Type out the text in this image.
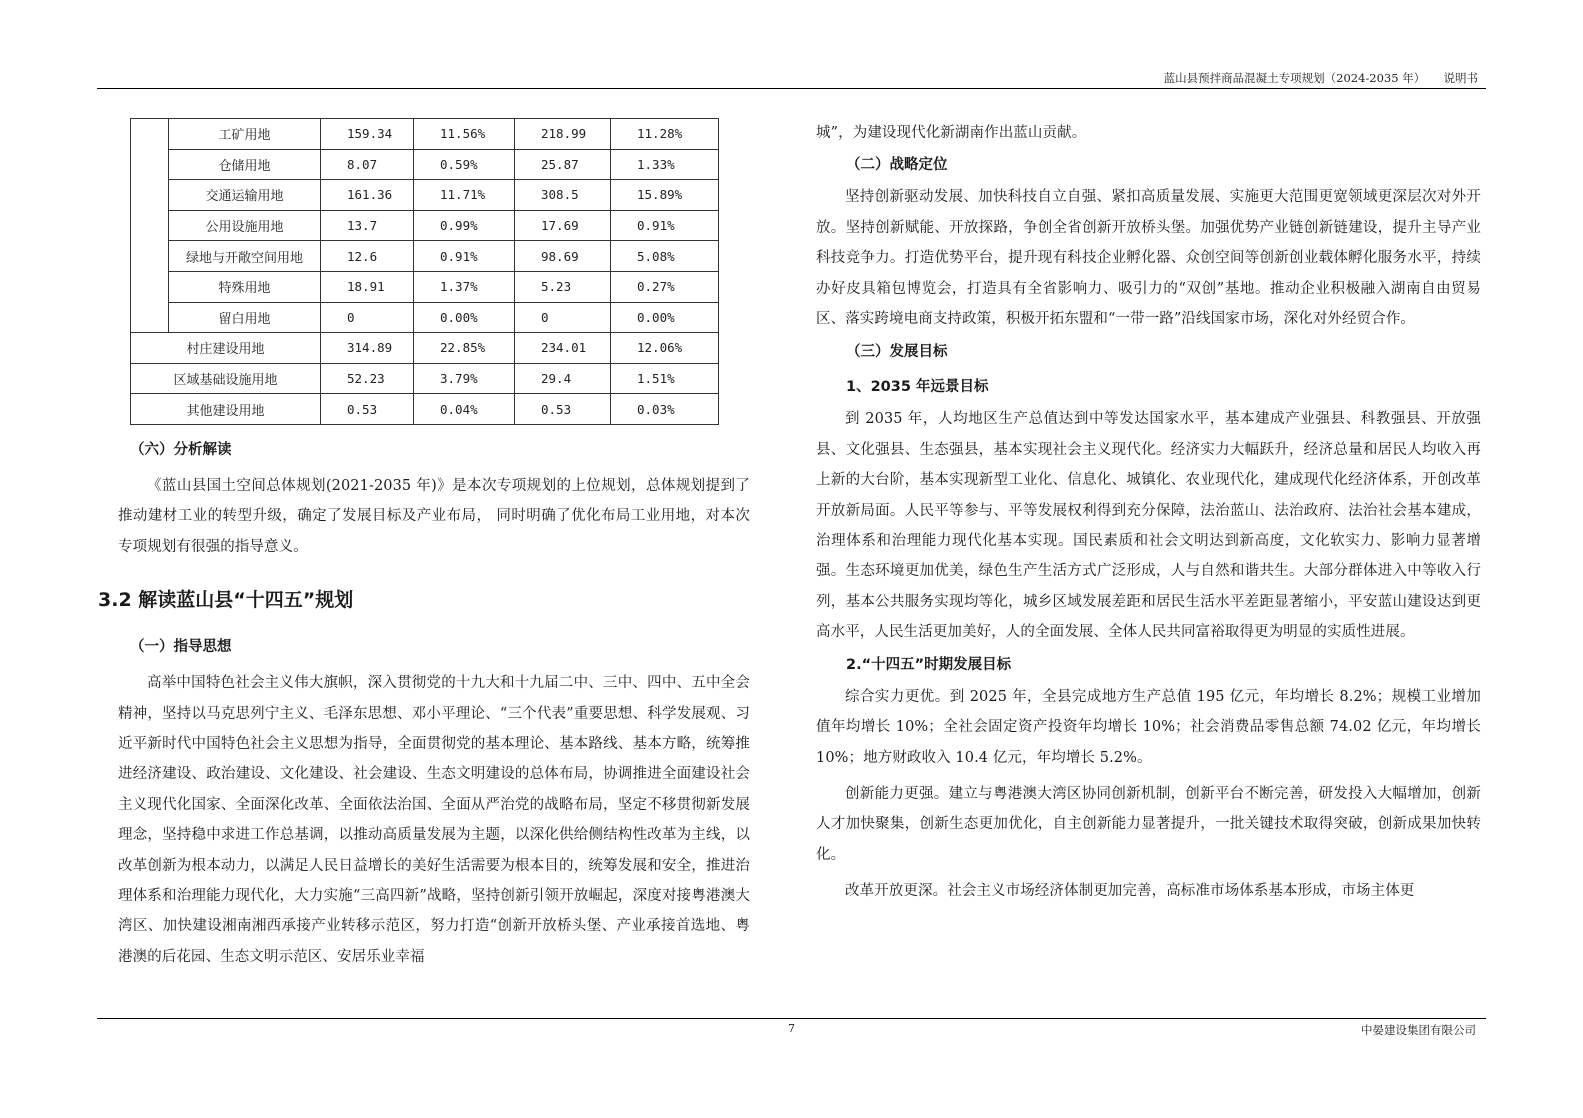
蓝山县预拌商品混凝土专项规划（2024-2035 年） 说明书
	工矿用地	159.34	11.56%	218.99	11.28%
	仓储用地	8.07	0.59%	25.87	1.33%
	交通运输用地	161.36	11.71%	308.5	15.89%
	公用设施用地	13.7	0.99%	17.69	0.91%
	绿地与开敞空间用地	12.6	0.91%	98.69	5.08%
	特殊用地	18.91	1.37%	5.23	0.27%
	留白用地	0	0.00%	0	0.00%
村庄建设用地		314.89	22.85%	234.01	12.06%
区域基础设施用地		52.23	3.79%	29.4	1.51%
其他建设用地		0.53	0.04%	0.53	0.03%

（六）分析解读

《蓝山县国土空间总体规划(2021-2035 年)》是本次专项规划的上位规划，总体规划提到了推动建材工业的转型升级，确定了发展目标及产业布局， 同时明确了优化布局工业用地，对本次专项规划有很强的指导意义。

3.2 解读蓝山县“十四五”规划

（一）指导思想

高举中国特色社会主义伟大旗帜，深入贯彻党的十九大和十九届二中、三中、四中、五中全会精神，坚持以马克思列宁主义、毛泽东思想、邓小平理论、“三个代表”重要思想、科学发展观、习近平新时代中国特色社会主义思想为指导，全面贯彻党的基本理论、基本路线、基本方略，统筹推进经济建设、政治建设、文化建设、社会建设、生态文明建设的总体布局，协调推进全面建设社会主义现代化国家、全面深化改革、全面依法治国、全面从严治党的战略布局，坚定不移贯彻新发展理念，坚持稳中求进工作总基调，以推动高质量发展为主题，以深化供给侧结构性改革为主线，以改革创新为根本动力，以满足人民日益增长的美好生活需要为根本目的，统筹发展和安全，推进治理体系和治理能力现代化，大力实施“三高四新”战略，坚持创新引领开放崛起，深度对接粤港澳大湾区、加快建设湘南湘西承接产业转移示范区，努力打造“创新开放桥头堡、产业承接首选地、粤港澳的后花园、生态文明示范区、安居乐业幸福

城”，为建设现代化新湖南作出蓝山贡献。

（二）战略定位

坚持创新驱动发展、加快科技自立自强、紧扣高质量发展、实施更大范围更宽领域更深层次对外开放。坚持创新赋能、开放探路，争创全省创新开放桥头堡。加强优势产业链创新链建设，提升主导产业科技竞争力。打造优势平台，提升现有科技企业孵化器、众创空间等创新创业载体孵化服务水平，持续办好皮具箱包博览会，打造具有全省影响力、吸引力的“双创”基地。推动企业积极融入湖南自由贸易区、落实跨境电商支持政策，积极开拓东盟和“一带一路”沿线国家市场，深化对外经贸合作。

（三）发展目标

1、2035 年远景目标

到 2035 年，人均地区生产总值达到中等发达国家水平，基本建成产业强县、科教强县、开放强县、文化强县、生态强县，基本实现社会主义现代化。经济实力大幅跃升，经济总量和居民人均收入再上新的大台阶，基本实现新型工业化、信息化、城镇化、农业现代化，建成现代化经济体系，开创改革开放新局面。人民平等参与、平等发展权利得到充分保障，法治蓝山、法治政府、法治社会基本建成，治理体系和治理能力现代化基本实现。国民素质和社会文明达到新高度，文化软实力、影响力显著增强。生态环境更加优美，绿色生产生活方式广泛形成，人与自然和谐共生。大部分群体进入中等收入行列，基本公共服务实现均等化，城乡区域发展差距和居民生活水平差距显著缩小，平安蓝山建设达到更高水平，人民生活更加美好，人的全面发展、全体人民共同富裕取得更为明显的实质性进展。

2.“十四五”时期发展目标

综合实力更优。到 2025 年，全县完成地方生产总值 195 亿元，年均增长 8.2%；规模工业增加值年均增长 10%；全社会固定资产投资年均增长 10%；社会消费品零售总额 74.02 亿元，年均增长 10%；地方财政收入 10.4 亿元，年均增长 5.2%。

创新能力更强。建立与粤港澳大湾区协同创新机制，创新平台不断完善，研发投入大幅增加，创新人才加快聚集，创新生态更加优化，自主创新能力显著提升，一批关键技术取得突破，创新成果加快转化。

改革开放更深。社会主义市场经济体制更加完善，高标准市场体系基本形成，市场主体更

7	中晏建设集团有限公司
